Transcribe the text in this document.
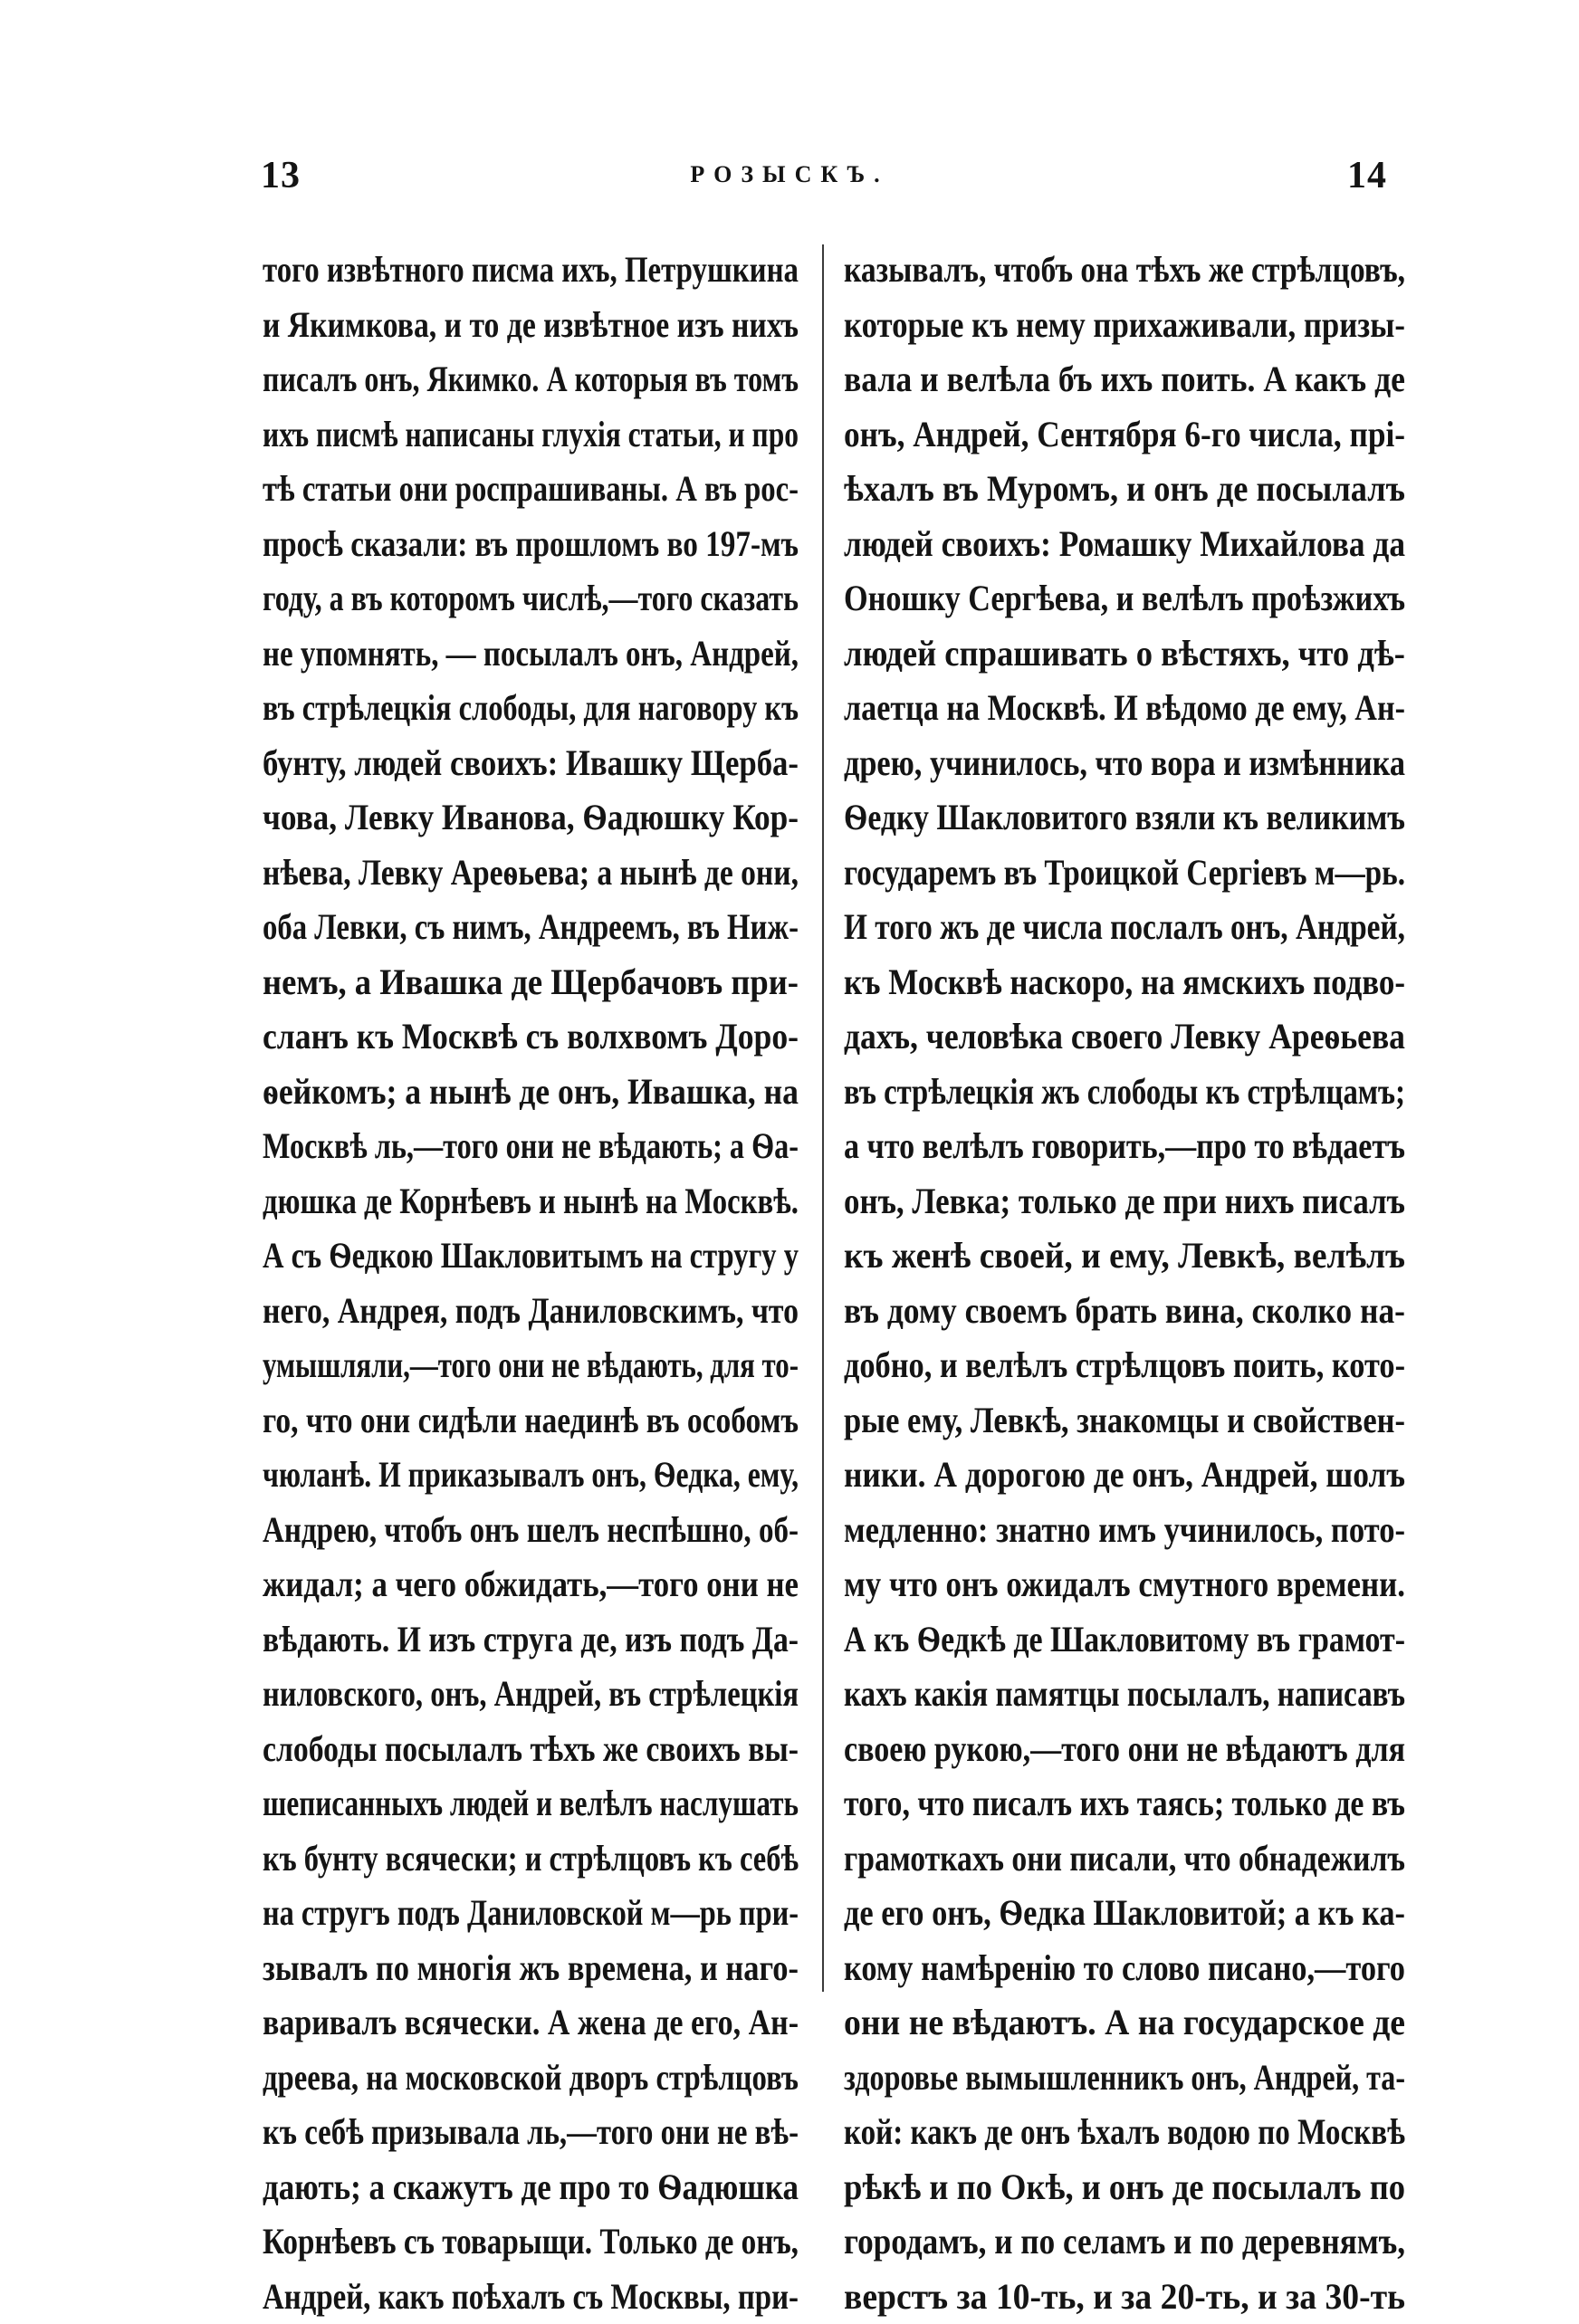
13	РОЗЫСКЪ.	14
того извѣтного писма ихъ, Петрушкина
и Якимкова, и то де извѣтное изъ нихъ
писалъ онъ, Якимко. А которыя въ томъ
ихъ писмѣ написаны глухія статьи, и про
тѣ статьи они роспрашиваны. А въ рос-
просѣ сказали: въ прошломъ во 197-мъ
году, а въ которомъ числѣ,—того сказать
не упомнять, — посылалъ онъ, Андрей,
въ стрѣлецкія слободы, для наговору къ
бунту, людей своихъ: Ивашку Щерба-
чова, Левку Иванова, Ѳадюшку Кор-
нѣева, Левку Ареѳьева; а нынѣ де они,
оба Левки, съ нимъ, Андреемъ, въ Ниж-
немъ, а Ивашка де Щербачовъ при-
сланъ къ Москвѣ съ волхвомъ Доро-
ѳейкомъ; а нынѣ де онъ, Ивашка, на
Москвѣ ль,—того они не вѣдають; а Ѳа-
дюшка де Корнѣевъ и нынѣ на Москвѣ.
А съ Ѳедкою Шакловитымъ на стругу у
него, Андрея, подъ Даниловскимъ, что
умышляли,—того они не вѣдають, для то-
го, что они сидѣли наединѣ въ особомъ
чюланѣ. И приказывалъ онъ, Ѳедка, ему,
Андрею, чтобъ онъ шелъ неспѣшно, об-
жидал; а чего обжидать,—того они не
вѣдають. И изъ струга де, изъ подъ Да-
ниловского, онъ, Андрей, въ стрѣлецкія
слободы посылалъ тѣхъ же своихъ вы-
шеписанныхъ людей и велѣлъ наслушать
къ бунту всячески; и стрѣлцовъ къ себѣ
на стругъ подъ Даниловской м—рь при-
зывалъ по многія жъ времена, и наго-
варивалъ всячески. А жена де его, Ан-
дреева, на московской дворъ стрѣлцовъ
къ себѣ призывала ль,—того они не вѣ-
дають; а скажутъ де про то Ѳадюшка
Корнѣевъ съ товарыщи. Только де онъ,
Андрей, какъ поѣхалъ съ Москвы, при-
казывалъ, чтобъ она тѣхъ же стрѣлцовъ,
которые къ нему прихаживали, призы-
вала и велѣла бъ ихъ поить. А какъ де
онъ, Андрей, Сентября 6-го числа, прі-
ѣхалъ въ Муромъ, и онъ де посылалъ
людей своихъ: Ромашку Михайлова да
Оношку Сергѣева, и велѣлъ проѣзжихъ
людей спрашивать о вѣстяхъ, что дѣ-
лаетца на Москвѣ. И вѣдомо де ему, Ан-
дрею, учинилось, что вора и измѣнника
Ѳедку Шакловитого взяли къ великимъ
государемъ въ Троицкой Сергіевъ м—рь.
И того жъ де числа послалъ онъ, Андрей,
къ Москвѣ наскоро, на ямскихъ подво-
дахъ, человѣка своего Левку Ареѳьева
въ стрѣлецкія жъ слободы къ стрѣлцамъ;
а что велѣлъ говорить,—про то вѣдаетъ
онъ, Левка; только де при нихъ писалъ
къ женѣ своей, и ему, Левкѣ, велѣлъ
въ дому своемъ брать вина, сколко на-
добно, и велѣлъ стрѣлцовъ поить, кото-
рые ему, Левкѣ, знакомцы и свойствен-
ники. А дорогою де онъ, Андрей, шолъ
медленно: знатно имъ учинилось, пото-
му что онъ ожидалъ смутного времени.
А къ Ѳедкѣ де Шакловитому въ грамот-
кахъ какія памятцы посылалъ, написавъ
своею рукою,—того они не вѣдаютъ для
того, что писалъ ихъ таясь; только де въ
грамоткахъ они писали, что обнадежилъ
де его онъ, Ѳедка Шакловитой; а къ ка-
кому намѣренію то слово писано,—того
они не вѣдаютъ. А на государское де
здоровье вымышленникъ онъ, Андрей, та-
кой: какъ де онъ ѣхалъ водою по Москвѣ
рѣкѣ и по Окѣ, и онъ де посылалъ по
городамъ, и по селамъ и по деревнямъ,
верстъ за 10-ть, и за 20-ть, и за 30-ть
